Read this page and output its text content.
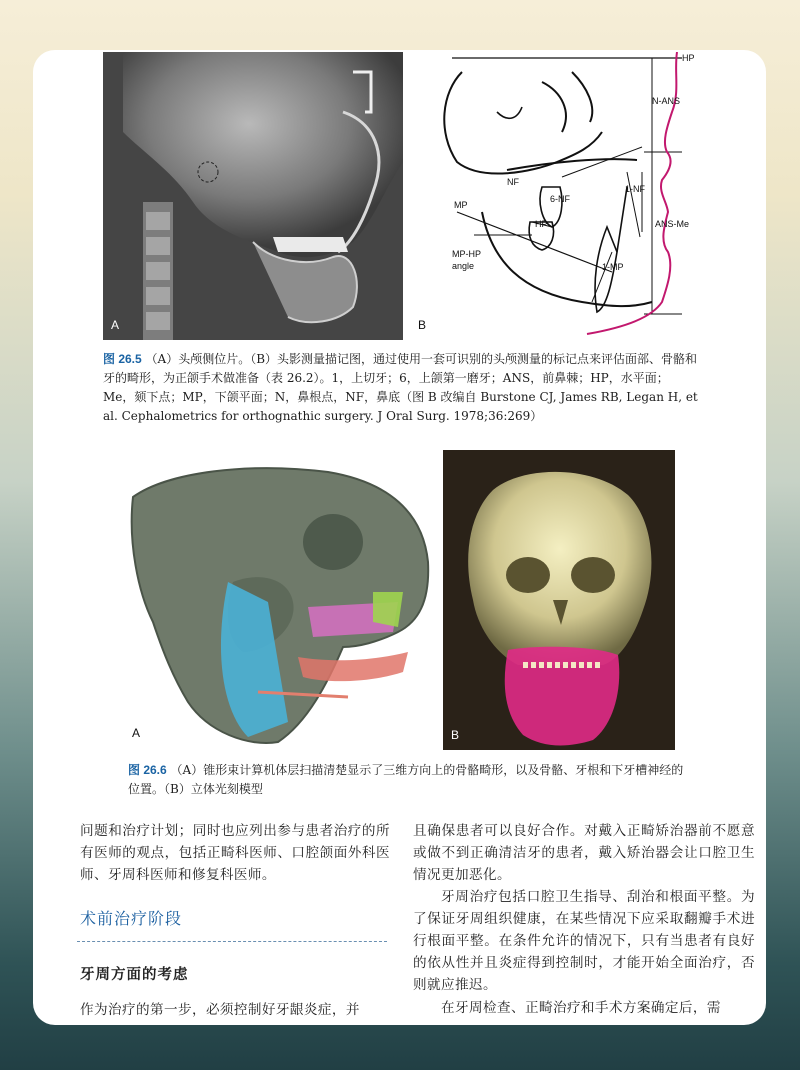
A
HP
N-ANS
NF
1-NF
6-NF
ANS-Me
MP
HP
MP-HP
angle	1-MP
B
图 26.5 （A）头颅侧位片。（B）头影测量描记图，通过使用一套可识别的头颅测量的标记点来评估面部、骨骼和牙的畸形，为正颌手术做准备（表 26.2）。1，上切牙；6，上颌第一磨牙；ANS，前鼻棘；HP，水平面；Me，颏下点；MP，下颌平面；N，鼻根点，NF，鼻底（图 B 改编自 Burstone CJ, James RB, Legan H, et al. Cephalometrics for orthognathic surgery. J Oral Surg. 1978;36:269）
A	B
图 26.6 （A）锥形束计算机体层扫描清楚显示了三维方向上的骨骼畸形，以及骨骼、牙根和下牙槽神经的位置。（B）立体光刻模型
问题和治疗计划；同时也应列出参与患者治疗的所有医师的观点，包括正畸科医师、口腔颌面外科医师、牙周科医师和修复科医师。
术前治疗阶段
牙周方面的考虑
作为治疗的第一步，必须控制好牙龈炎症，并
且确保患者可以良好合作。对戴入正畸矫治器前不愿意或做不到正确清洁牙的患者，戴入矫治器会让口腔卫生情况更加恶化。
牙周治疗包括口腔卫生指导、刮治和根面平整。为了保证牙周组织健康，在某些情况下应采取翻瓣手术进行根面平整。在条件允许的情况下，只有当患者有良好的依从性并且炎症得到控制时，才能开始全面治疗，否则就应推迟。
在牙周检查、正畸治疗和手术方案确定后，需
